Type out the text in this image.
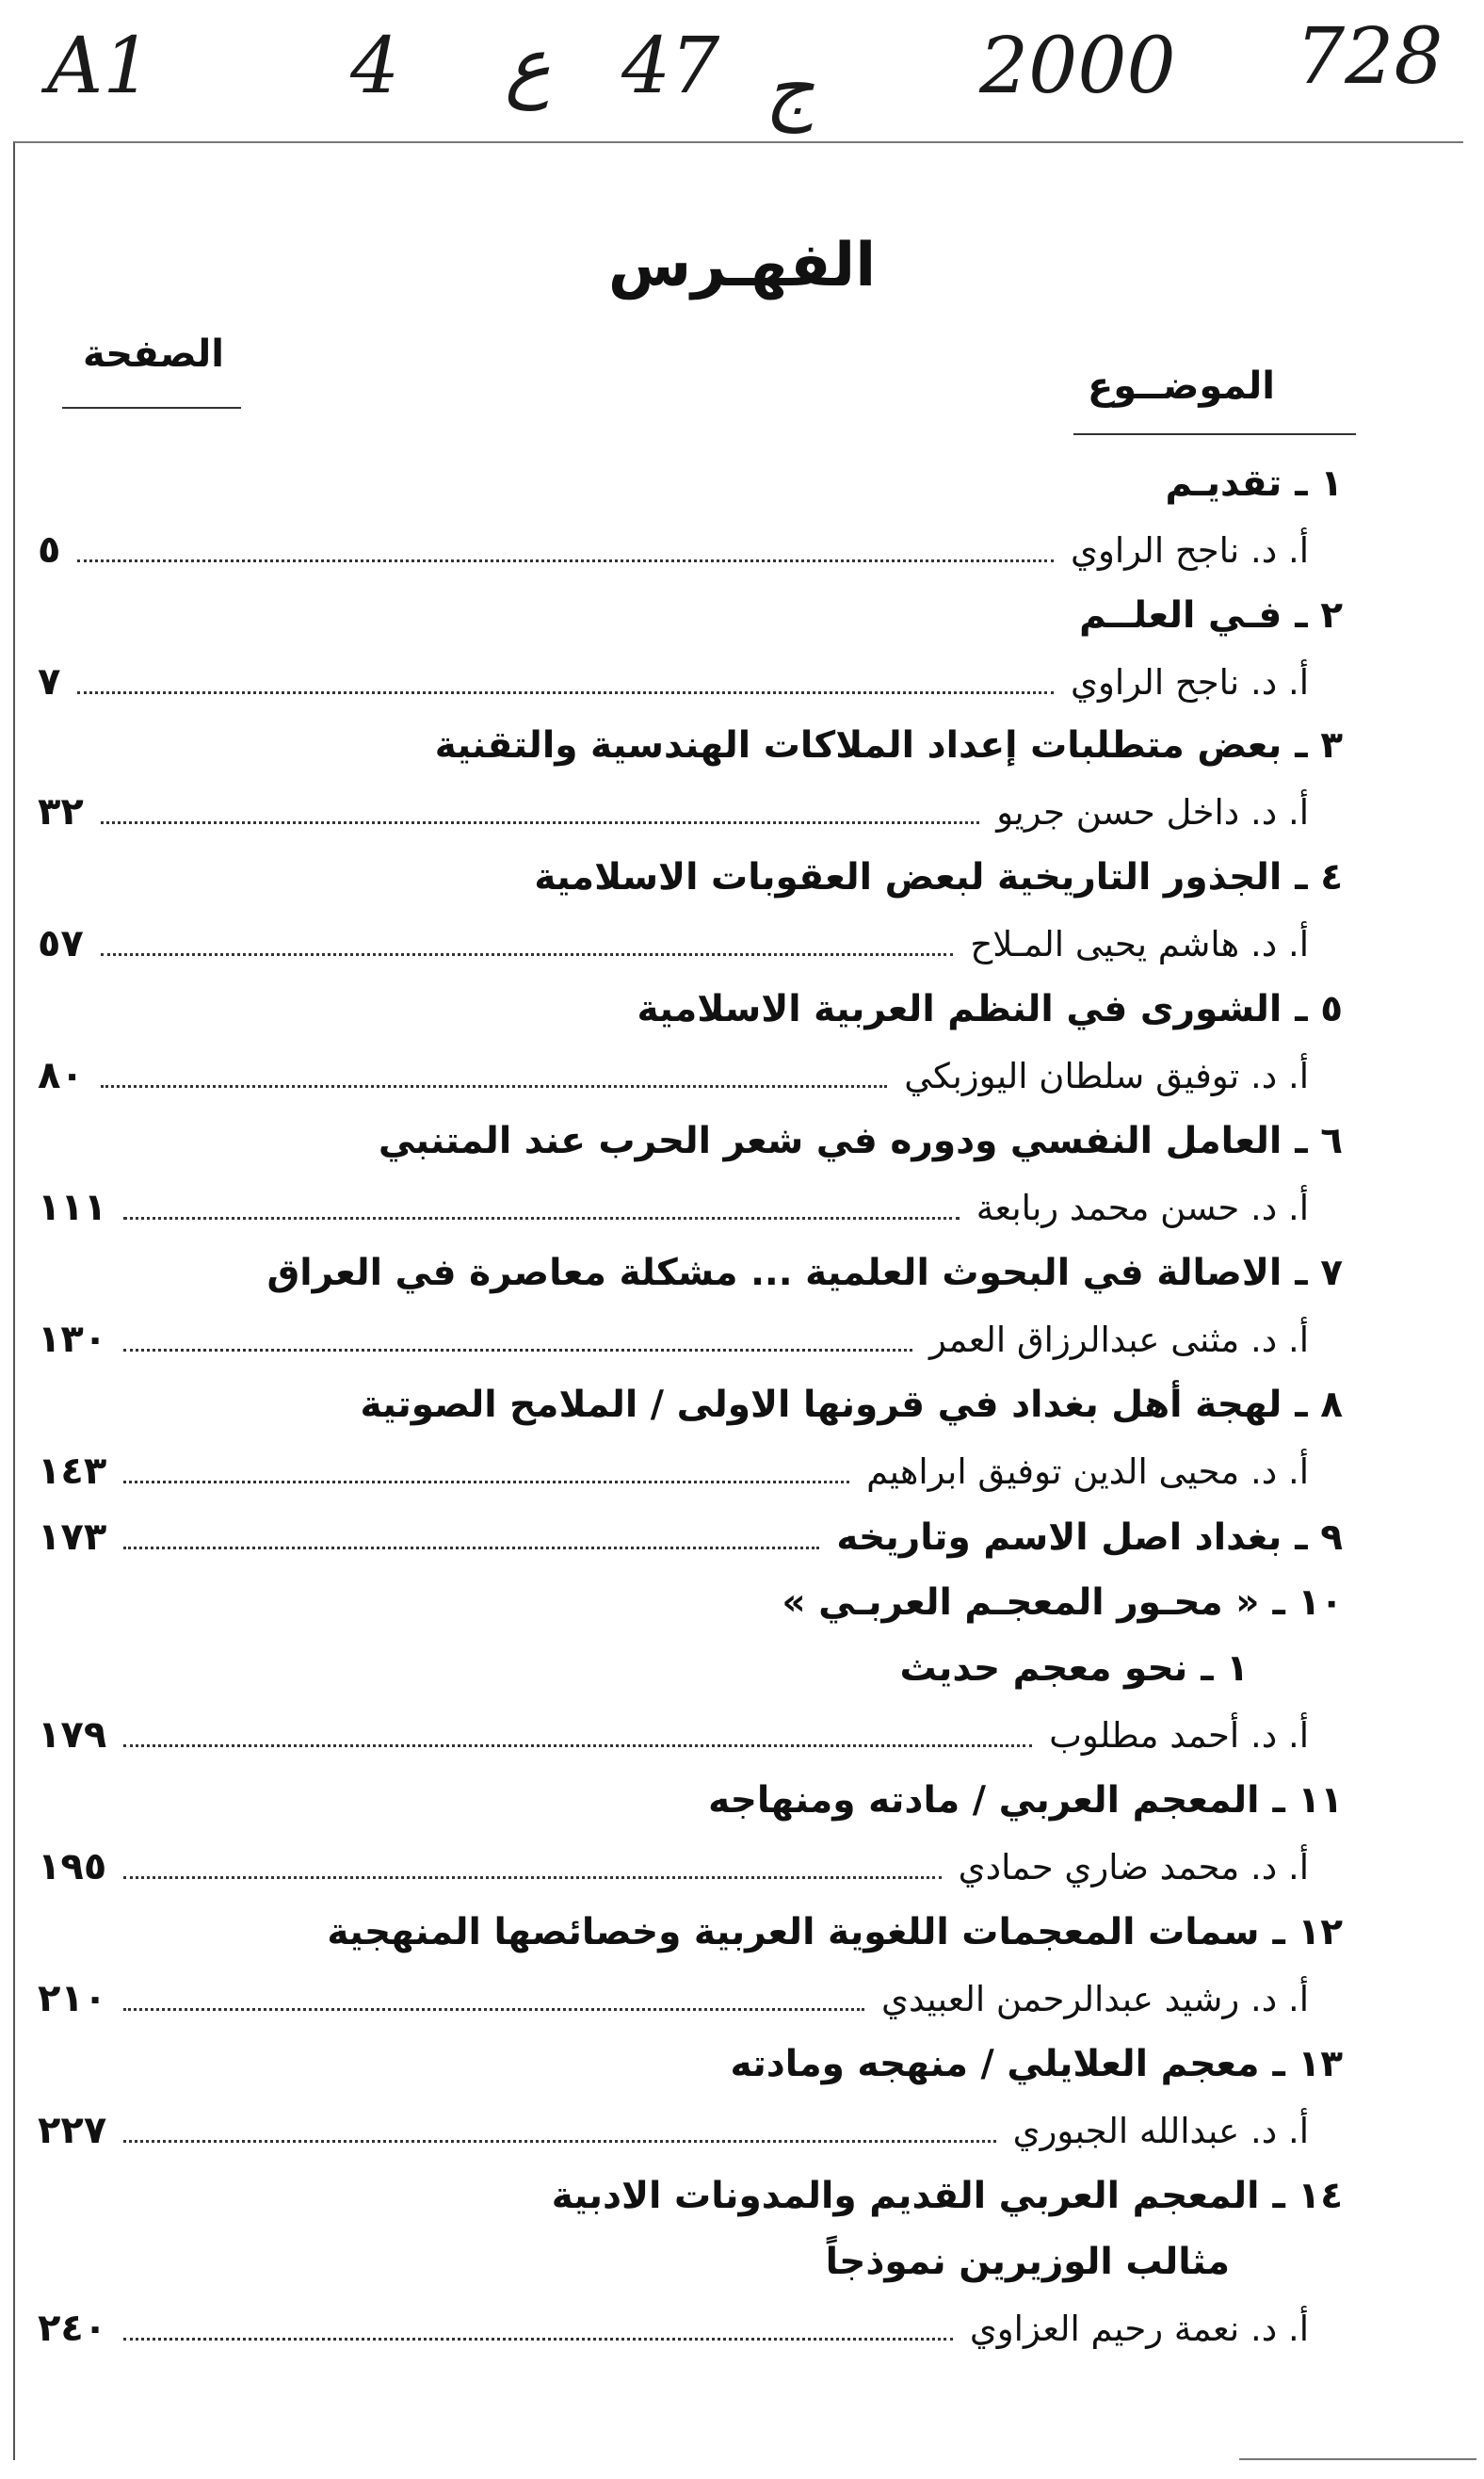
A1	4 ع 47 ج 2000 728
الفهـرس
الموضــوع
الصفحة
١ ـتقديـم
أ. د. ناجح الراوي
٥
٢ ـفـي العلــم
أ. د. ناجح الراوي
٧
٣ ـبعض متطلبات إعداد الملاكات الهندسية والتقنية
أ. د. داخل حسن جريو
٣٢
٤ ـالجذور التاريخية لبعض العقوبات الاسلامية
أ. د. هاشم يحيى المـلاح
٥٧
٥ ـالشورى في النظم العربية الاسلامية
أ. د. توفيق سلطان اليوزبكي
٨٠
٦ ـالعامل النفسي ودوره في شعر الحرب عند المتنبي
أ. د. حسن محمد ربابعة
١١١
٧ ـالاصالة في البحوث العلمية ... مشكلة معاصرة في العراق
أ. د. مثنى عبدالرزاق العمر
١٣٠
٨ ـلهجة أهل بغداد في قرونها الاولى / الملامح الصوتية
أ. د. محيى الدين توفيق ابراهيم
١٤٣
٩ ـ
بغداد اصل الاسم وتاريخه
١٧٣
١٠ ـ« محـور المعجـم العربـي »
١ ـنحو معجم حديث
أ. د. أحمد مطلوب
١٧٩
١١ ـالمعجم العربي / مادته ومنهاجه
أ. د. محمد ضاري حمادي
١٩٥
١٢ ـسمات المعجمات اللغوية العربية وخصائصها المنهجية
أ. د. رشيد عبدالرحمن العبيدي
٢١٠
١٣ ـمعجم العلايلي / منهجه ومادته
أ. د. عبدالله الجبوري
٢٢٧
١٤ ـالمعجم العربي القديم والمدونات الادبية
مثالب الوزيرين نموذجاً
أ. د. نعمة رحيم العزاوي
٢٤٠
